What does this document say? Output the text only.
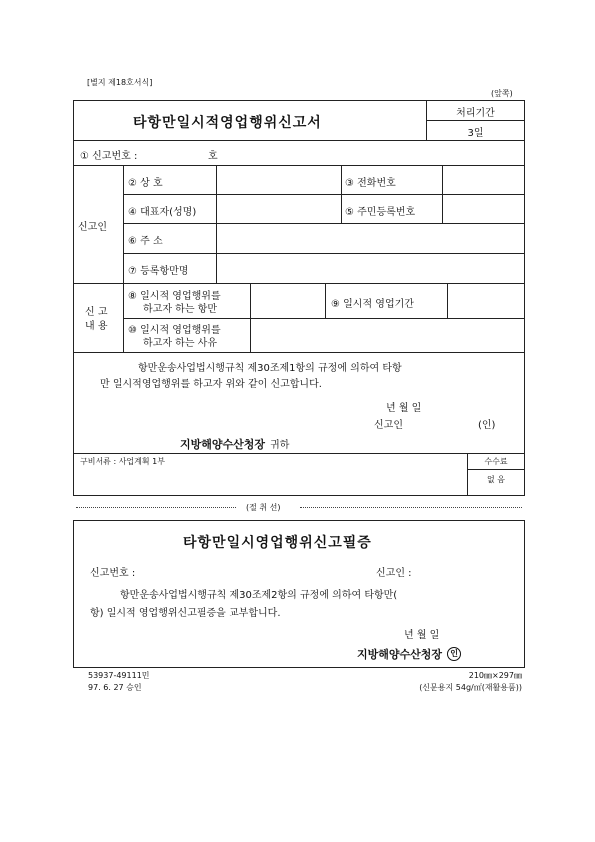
[별지 제18호서식]
(앞쪽)
타항만일시적영업행위신고서
처리기간
3일
① 신고번호 :	호
신고인
② 상 호	③ 전화번호
④ 대표자(성명)	⑤ 주민등록번호
⑥ 주 소
⑦ 등록항만명
신 고
내 용
⑧ 일시적 영업행위를
하고자 하는 항만	⑨ 일시적 영업기간
⑩ 일시적 영업행위를
하고자 하는 사유
항만운송사업법시행규칙 제30조제1항의 규정에 의하여 타항
만 일시적영업행위를 하고자 위와 같이 신고합니다.
년 월 일
신고인	(인)
지방해양수산청장 귀하
구비서류 : 사업계획 1부	수수료
없 음
(절 취 선)
타항만일시영업행위신고필증
신고번호 :	신고인 :
항만운송사업법시행규칙 제30조제2항의 규정에 의하여 타항만(
항) 일시적 영업행위신고필증을 교부합니다.
년 월 일
지방해양수산청장 인
53937-49111민
97. 6. 27 승인
210㎜×297㎜
(신문용지 54g/㎡(재활용품))
